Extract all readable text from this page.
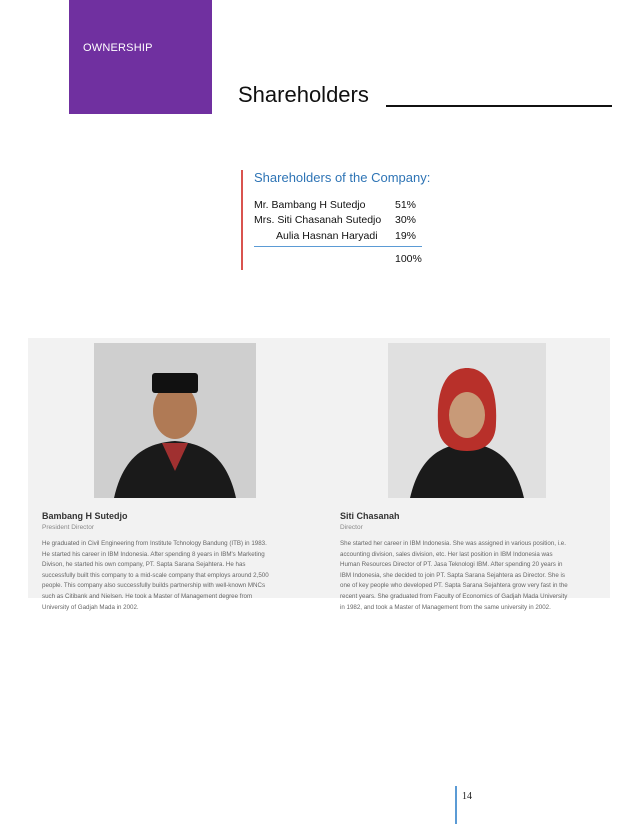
OWNERSHIP
Shareholders
Shareholders of the Company:
Mr. Bambang H Sutedjo	51%
Mrs. Siti Chasanah Sutedjo 30%
Aulia Hasnan Haryadi 19%
100%
Bambang H Sutedjo
President Director
He graduated in Civil Engineering from Institute Tchnology Bandung (ITB) in 1983.
He started his career in IBM Indonesia. After spending 8 years in IBM's Marketing
Divison, he started his own company, PT. Sapta Sarana Sejahtera. He has
successfully built this company to a mid-scale company that employs around 2,500
people. This company also successfully builds partnership with well-known MNCs
such as Citibank and Nielsen. He took a Master of Management degree from
University of Gadjah Mada in 2002.
Siti Chasanah
Director
She started her career in IBM Indonesia. She was assigned in various position, i.e.
accounting division, sales division, etc. Her last position in IBM Indonesia was
Human Resources Director of PT. Jasa Teknologi IBM. After spending 20 years in
IBM Indonesia, she decided to join PT. Sapta Sarana Sejahtera as Director. She is
one of key people who developed PT. Sapta Sarana Sejahtera grow very fast in the
recent years. She graduated from Faculty of Economics of Gadjah Mada University
in 1982, and took a Master of Management from the same university in 2002.
14
